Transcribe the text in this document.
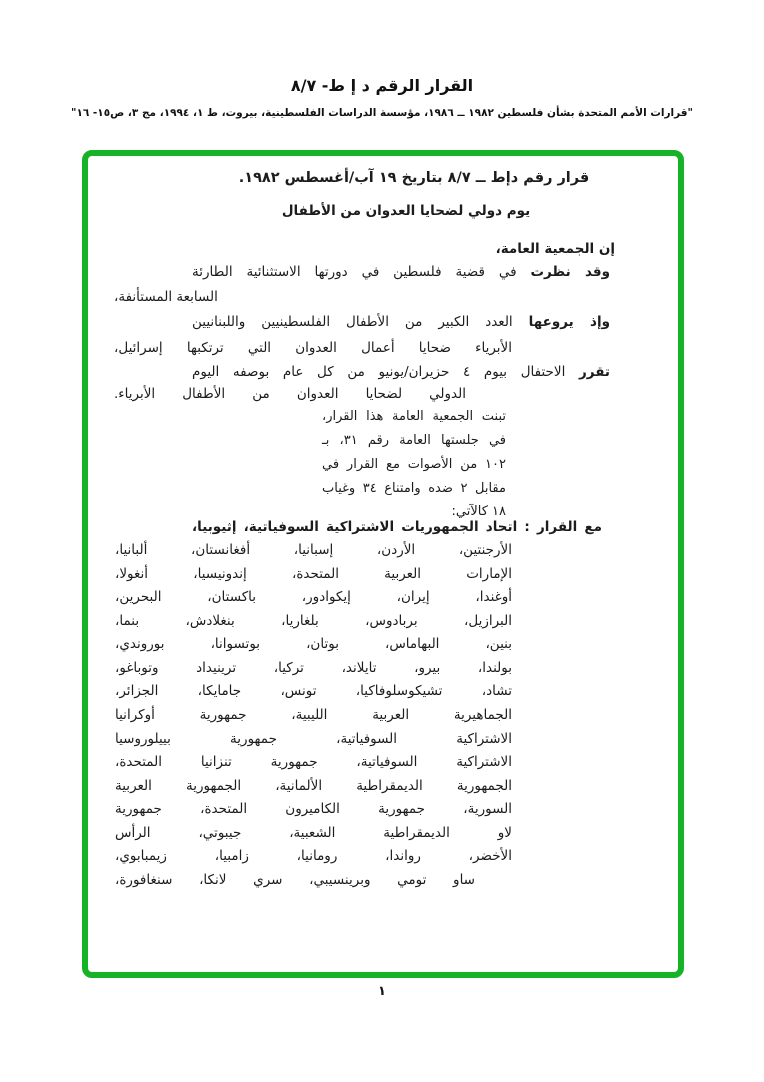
القرار الرقم د إ ط- ٨/٧
"قرارات الأمم المتحدة بشأن فلسطين ١٩٨٢ ــ ١٩٨٦، مؤسسة الدراسات الفلسطينية، بيروت، ط ١، ١٩٩٤، مج ٣، ص١٥- ١٦"
قرار رقم دإط ــ ٨/٧ بتاريخ ١٩ آب/أغسطس ١٩٨٢.
يوم دولي لضحايا العدوان من الأطفال
إن الجمعية العامة،
وقد نظرت في قضية فلسطين في دورتها الاستثنائية الطارئة
السابعة المستأنفة،
وإذ يروعها العدد الكبير من الأطفال الفلسطينيين واللبنانيين
الأبرياء ضحايا أعمال العدوان التي ترتكبها إسرائيل،
تقرر الاحتفال بيوم ٤ حزيران/يونيو من كل عام بوصفه اليوم
الدولي لضحايا العدوان من الأطفال الأبرياء.
تبنت الجمعية العامة هذا القرار،
في جلستها العامة رقم ٣١، بـ
١٠٢ من الأصوات مع القرار في
مقابل ٢ ضده وامتناع ٣٤ وغياب
١٨ كالآتي:
مع القرار : اتحاد الجمهوريات الاشتراكية السوفياتية، إثيوبيا،
الأرجنتين، الأردن، إسبانيا، أفغانستان، ألبانيا،
الإمارات العربية المتحدة، إندونيسيا، أنغولا،
أوغندا، إيران، إيكوادور، باكستان، البحرين،
البرازيل، بربادوس، بلغاريا، بنغلادش، بنما،
بنين، البهاماس، بوتان، بوتسوانا، بوروندي،
بولندا، بيرو، تايلاند، تركيا، ترينيداد وتوباغو،
تشاد، تشيكوسلوفاكيا، تونس، جامايكا، الجزائر،
الجماهيرية العربية الليبية، جمهورية أوكرانيا
الاشتراكية السوفياتية، جمهورية بييلوروسيا
الاشتراكية السوفياتية، جمهورية تنزانيا المتحدة،
الجمهورية الديمقراطية الألمانية، الجمهورية العربية
السورية، جمهورية الكاميرون المتحدة، جمهورية
لاو الديمقراطية الشعبية، جيبوتي، الرأس
الأخضر، رواندا، رومانيا، زامبيا، زيمبابوي،
ساو تومي وبرينسيبي، سري لانكا، سنغافورة،
١
